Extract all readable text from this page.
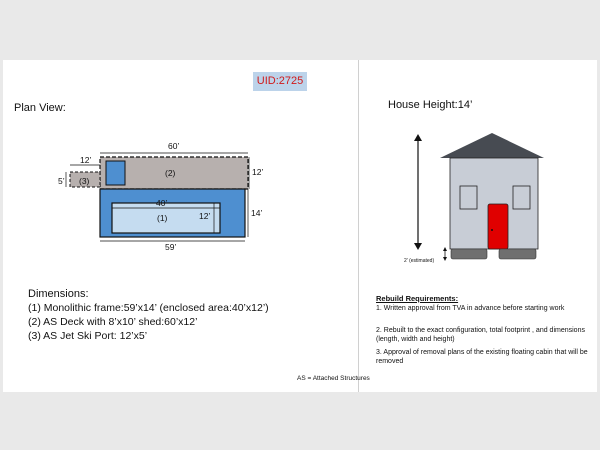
UID:2725
Plan View:	House Height:14’
60’
(2)
(3)
12’
5’
12’
(1)
40’
12’	14’
59’
2’ (estimated)
Dimensions:
(1) Monolithic frame:59’x14’ (enclosed area:40’x12’)
(2) AS Deck with 8’x10’ shed:60’x12’
(3) AS Jet Ski Port: 12’x5’
AS = Attached Structures
Rebuild Requirements:
1. Written approval from TVA in advance before starting work
2. Rebuilt to the exact configuration, total footprint , and dimensions (length, width and height)
3. Approval of removal plans of the existing floating cabin that will be removed
